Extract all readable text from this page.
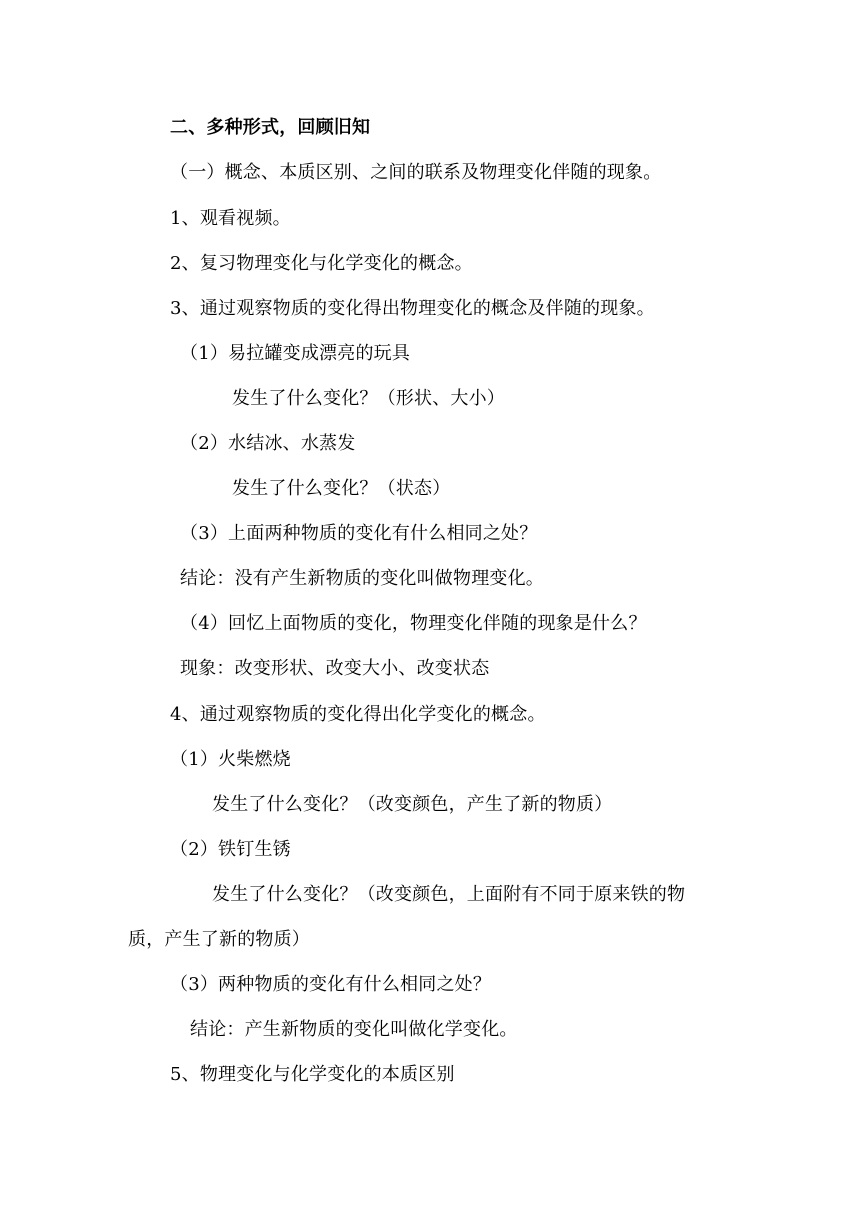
二、多种形式，回顾旧知
（一）概念、本质区别、之间的联系及物理变化伴随的现象。
1、观看视频。
2、复习物理变化与化学变化的概念。
3、通过观察物质的变化得出物理变化的概念及伴随的现象。
（1）易拉罐变成漂亮的玩具
发生了什么变化？（形状、大小）
（2）水结冰、水蒸发
发生了什么变化？（状态）
（3）上面两种物质的变化有什么相同之处？
结论：没有产生新物质的变化叫做物理变化。
（4）回忆上面物质的变化，物理变化伴随的现象是什么？
现象：改变形状、改变大小、改变状态
4、通过观察物质的变化得出化学变化的概念。
（1）火柴燃烧
发生了什么变化？（改变颜色，产生了新的物质）
（2）铁钉生锈
发生了什么变化？（改变颜色，上面附有不同于原来铁的物
质，产生了新的物质）
（3）两种物质的变化有什么相同之处？
结论：产生新物质的变化叫做化学变化。
5、物理变化与化学变化的本质区别
